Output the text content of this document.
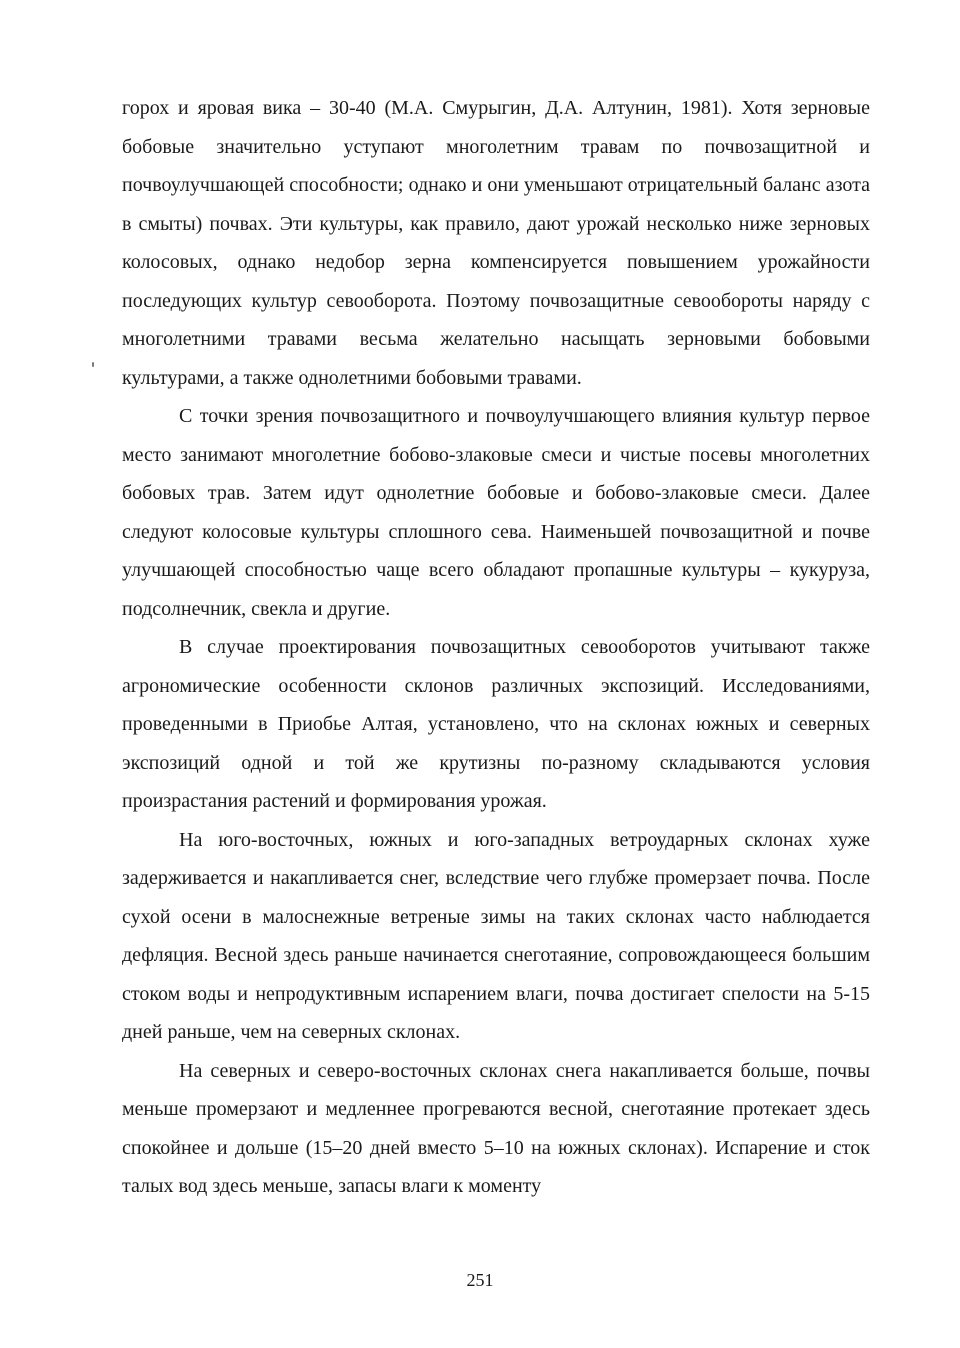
горох и яровая вика – 30-40 (М.А. Смурыгин, Д.А. Алтунин, 1981). Хотя зерновые бобовые значительно уступают многолетним травам по почвозащитной и почвоулучшающей способности; однако и они уменьшают отрицательный баланс азота в смыты) почвах. Эти культуры, как правило, дают урожай несколько ниже зерновых колосовых, однако недобор зерна компенсируется повышением урожайности последующих культур севооборота. Поэтому почвозащитные севообороты наряду с многолетними травами весьма желательно насыщать зерновыми бобовыми культурами, а также однолетними бобовыми травами.

С точки зрения почвозащитного и почвоулучшающего влияния культур первое место занимают многолетние бобово-злаковые смеси и чистые посевы многолетних бобовых трав. Затем идут однолетние бобовые и бобово-злаковые смеси. Далее следуют колосовые культуры сплошного сева. Наименьшей почвозащитной и почве улучшающей способностью чаще всего обладают пропашные культуры – кукуруза, подсолнечник, свекла и другие.

В случае проектирования почвозащитных севооборотов учитывают также агрономические особенности склонов различных экспозиций. Исследованиями, проведенными в Приобье Алтая, установлено, что на склонах южных и северных экспозиций одной и той же крутизны по-разному складываются условия произрастания растений и формирования урожая.

На юго-восточных, южных и юго-западных ветроударных склонах хуже задерживается и накапливается снег, вследствие чего глубже промерзает почва. После сухой осени в малоснежные ветреные зимы на таких склонах часто наблюдается дефляция. Весной здесь раньше начинается снеготаяние, сопровождающееся большим стоком воды и непродуктивным испарением влаги, почва достигает спелости на 5-15 дней раньше, чем на северных склонах.

На северных и северо-восточных склонах снега накапливается больше, почвы меньше промерзают и медленнее прогреваются весной, снеготаяние протекает здесь спокойнее и дольше (15–20 дней вместо 5–10 на южных склонах). Испарение и сток талых вод здесь меньше, запасы влаги к моменту

251
